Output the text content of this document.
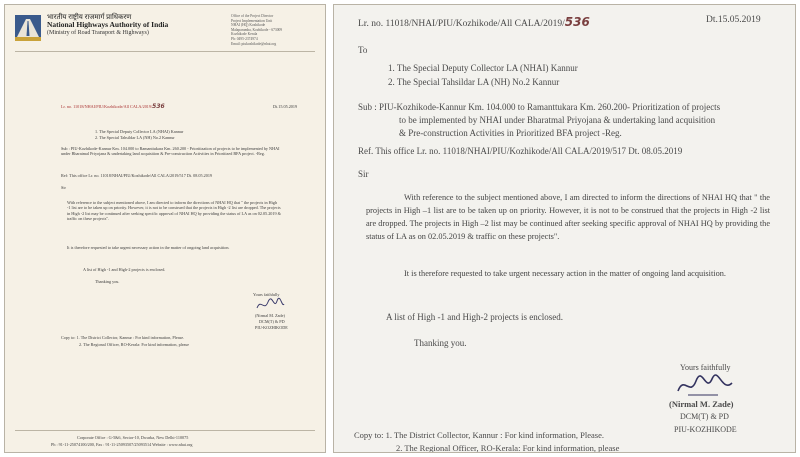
भारतीय राष्ट्रीय राजमार्ग प्राधिकरण
National Highways Authority of India
(Ministry of Road Transport & Highways)
Office of the Project Director
Project Implementation Unit
NHAI (HQ) Kozhikode
Malaparamba, Kozhikode - 673009
Kozhikode Kerala
Ph: 0495-2374974
Email: piukozhikode@nhai.org
Lr. no. 11018/NHAI/PIU/Kozhikode/All CALA/2019/536	Dt.15.05.2019
1. The Special Deputy Collector LA (NHAI) Kannur
2. The Special Tahsildar LA (NH) No.2 Kannur
Sub : PIU-Kozhikode-Kannur Km. 104.000 to Ramanttukara Km. 260.200 - Prioritization of projects to be implemented by NHAI under Bharatmal Priyojana & undertaking land acquisition & Pre-construction Activities in Prioritized BFA project. -Reg.
Ref: This office Lr. no. 11018/NHAI/PIU/Kozhikode/All CALA/2019/517 Dt. 08.05.2019
Sir
With reference to the subject mentioned above, I am directed to inform the directions of NHAI HQ that " the projects in High -1 list are to be taken up on priority. However, it is not to be construed that the projects in High -2 list are dropped. The projects in High -2 list may be continued after seeking specific approval of NHAI HQ by providing the status of LA as on 02.05.2019 & traffic on these projects".
It is therefore requested to take urgent necessary action in the matter of ongoing land acquisition.
A list of High -1 and High-2 projects is enclosed.
Thanking you.
Yours faithfully
(Nirmal M. Zade)
DCM(T) & PD
PIU-KOZHIKODE
Copy to: 1. The District Collector, Kannur : For kind information, Please.
2. The Regional Officer, RO-Kerala: For kind information, please
Corporate Office : G-5&6, Sector-10, Dwarka, New Delhi-110075
Ph : 91-11-25074100/200, Fax : 91-11-25093507/25093514 Website : www.nhai.org
Lr. no. 11018/NHAI/PIU/Kozhikode/All CALA/2019/536	Dt.15.05.2019
To
1. The Special Deputy Collector LA (NHAI) Kannur
2. The Special Tahsildar LA (NH) No.2 Kannur
Sub : PIU-Kozhikode-Kannur Km. 104.000 to Ramanttukara Km. 260.200- Prioritization of projects
to be implemented by NHAI under Bharatmal Priyojana & undertaking land acquisition
& Pre-construction Activities in Prioritized BFA project -Reg.
Ref. This office Lr. no. 11018/NHAI/PIU/Kozhikode/All CALA/2019/517 Dt. 08.05.2019
Sir
With reference to the subject mentioned above, I am directed to inform the directions of NHAI HQ that " the projects in High –1 list are to be taken up on priority. However, it is not to be construed that the projects in High -2 list are dropped. The projects in High –2 list may be continued after seeking specific approval of NHAI HQ by providing the status of LA as on 02.05.2019 & traffic on these projects".
It is therefore requested to take urgent necessary action in the matter of ongoing land acquisition.
A list of High -1 and High-2 projects is enclosed.
Thanking you.
Yours faithfully
(Nirmal M. Zade)
DCM(T) & PD
PIU-KOZHIKODE
Copy to: 1. The District Collector, Kannur : For kind information, Please.
2. The Regional Officer, RO-Kerala: For kind information, please
